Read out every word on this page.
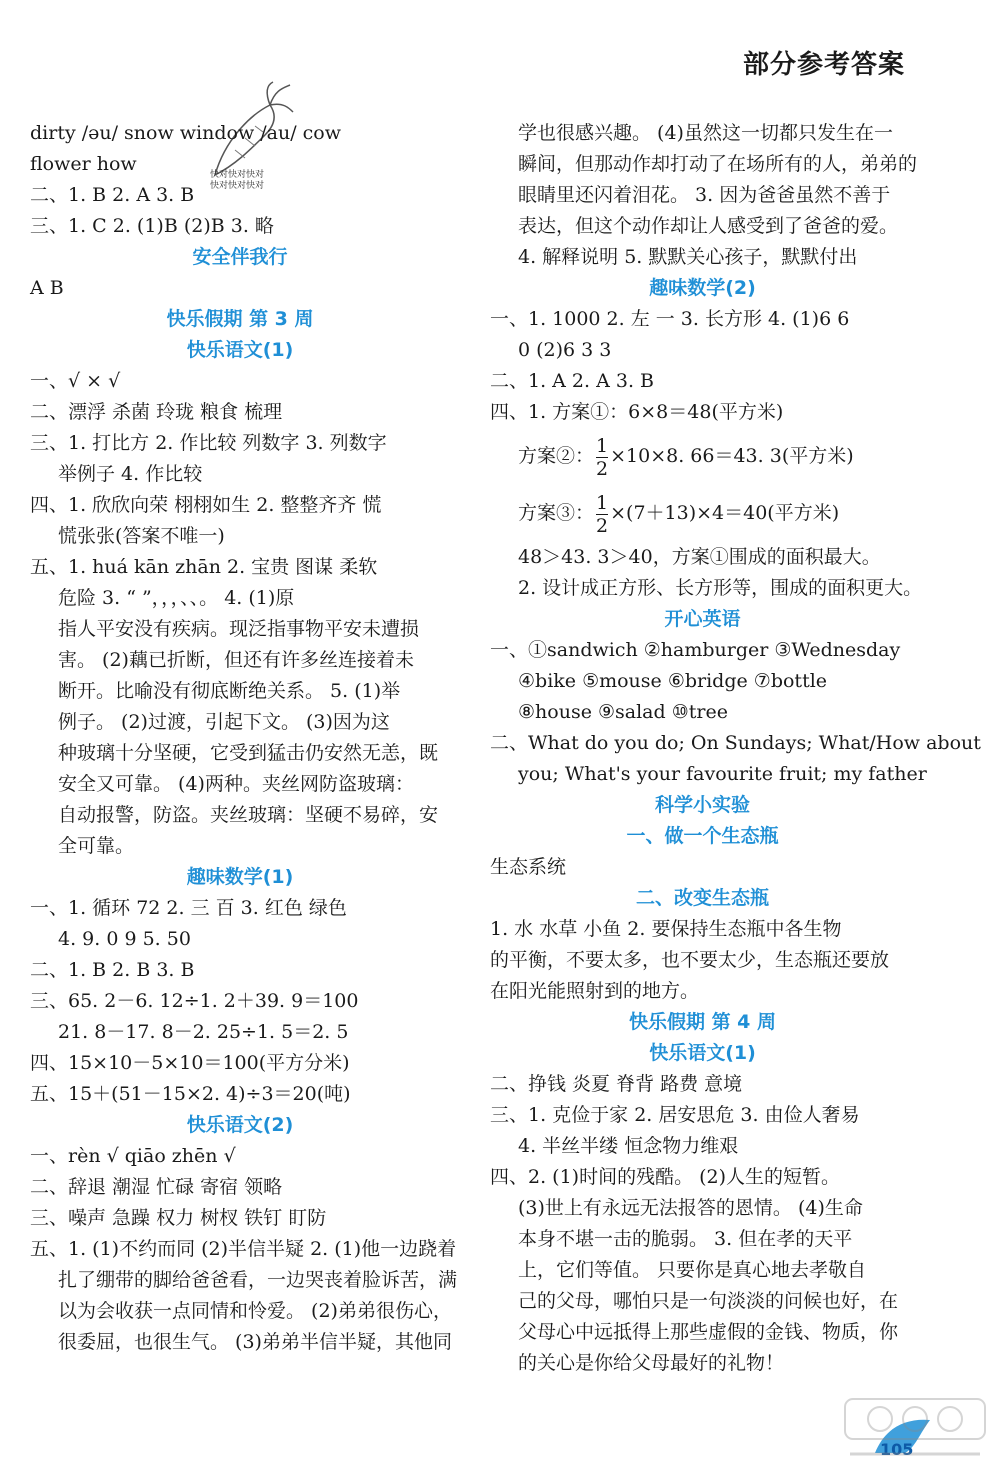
部分参考答案
快对快对快对
快对快对快对
dirty /əu/ snow window /au/ cow
flower how
二、1. B 2. A 3. B
三、1. C 2. (1)B (2)B 3. 略
安全伴我行
A B
快乐假期 第 3 周
快乐语文(1)
一、√ × √
二、漂浮 杀菌 玲珑 粮食 梳理
三、1. 打比方 2. 作比较 列数字 3. 列数字
举例子 4. 作比较
四、1. 欣欣向荣 栩栩如生 2. 整整齐齐 慌
慌张张(答案不唯一)
五、1. huá kān zhān 2. 宝贵 图谋 柔软
危险 3. “ ”，，，、、。 4. (1)原
指人平安没有疾病。现泛指事物平安未遭损
害。 (2)藕已折断，但还有许多丝连接着未
断开。比喻没有彻底断绝关系。 5. (1)举
例子。 (2)过渡，引起下文。 (3)因为这
种玻璃十分坚硬，它受到猛击仍安然无恙，既
安全又可靠。 (4)两种。夹丝网防盗玻璃：
自动报警，防盗。夹丝玻璃：坚硬不易碎，安
全可靠。
趣味数学(1)
一、1. 循环 72 2. 三 百 3. 红色 绿色
4. 9. 0 9 5. 50
二、1. B 2. B 3. B
三、65. 2－6. 12÷1. 2＋39. 9＝100
21. 8－17. 8－2. 25÷1. 5＝2. 5
四、15×10－5×10＝100(平方分米)
五、15＋(51－15×2. 4)÷3＝20(吨)
快乐语文(2)
一、rèn √ qiāo zhēn √
二、辞退 潮湿 忙碌 寄宿 领略
三、噪声 急躁 权力 树杈 铁钉 盯防
五、1. (1)不约而同 (2)半信半疑 2. (1)他一边跷着
扎了绷带的脚给爸爸看，一边哭丧着脸诉苦，满
以为会收获一点同情和怜爱。 (2)弟弟很伤心，
很委屈，也很生气。 (3)弟弟半信半疑，其他同
学也很感兴趣。 (4)虽然这一切都只发生在一
瞬间，但那动作却打动了在场所有的人，弟弟的
眼睛里还闪着泪花。 3. 因为爸爸虽然不善于
表达，但这个动作却让人感受到了爸爸的爱。
4. 解释说明 5. 默默关心孩子，默默付出
趣味数学(2)
一、1. 1000 2. 左 一 3. 长方形 4. (1)6 6
0 (2)6 3 3
二、1. A 2. A 3. B
四、1. 方案①：6×8＝48(平方米)
方案②： $\frac{1}{2} \times 10\times 8$. 66＝43. 3(平方米)
方案③： $\frac{1}{2} \times(7+13)\times 4=40$(平方米)
48＞43. 3＞40，方案①围成的面积最大。
2. 设计成正方形、长方形等，围成的面积更大。
开心英语
一、①sandwich ②hamburger ③Wednesday
④bike ⑤mouse ⑥bridge ⑦bottle
⑧house ⑨salad ⑩tree
二、What do you do; On Sundays; What/How about
you; What's your favourite fruit; my father
科学小实验
一、做一个生态瓶
生态系统
二、改变生态瓶
1. 水 水草 小鱼 2. 要保持生态瓶中各生物
的平衡，不要太多，也不要太少，生态瓶还要放
在阳光能照射到的地方。
快乐假期 第 4 周
快乐语文(1)
二、挣钱 炎夏 脊背 路费 意境
三、1. 克俭于家 2. 居安思危 3. 由俭人奢易
4. 半丝半缕 恒念物力维艰
四、2. (1)时间的残酷。 (2)人生的短暂。
(3)世上有永远无法报答的恩情。 (4)生命
本身不堪一击的脆弱。 3. 但在孝的天平
上，它们等值。 只要你是真心地去孝敬自
己的父母，哪怕只是一句淡淡的问候也好，在
父母心中远抵得上那些虚假的金钱、物质，你
的关心是你给父母最好的礼物！
105
